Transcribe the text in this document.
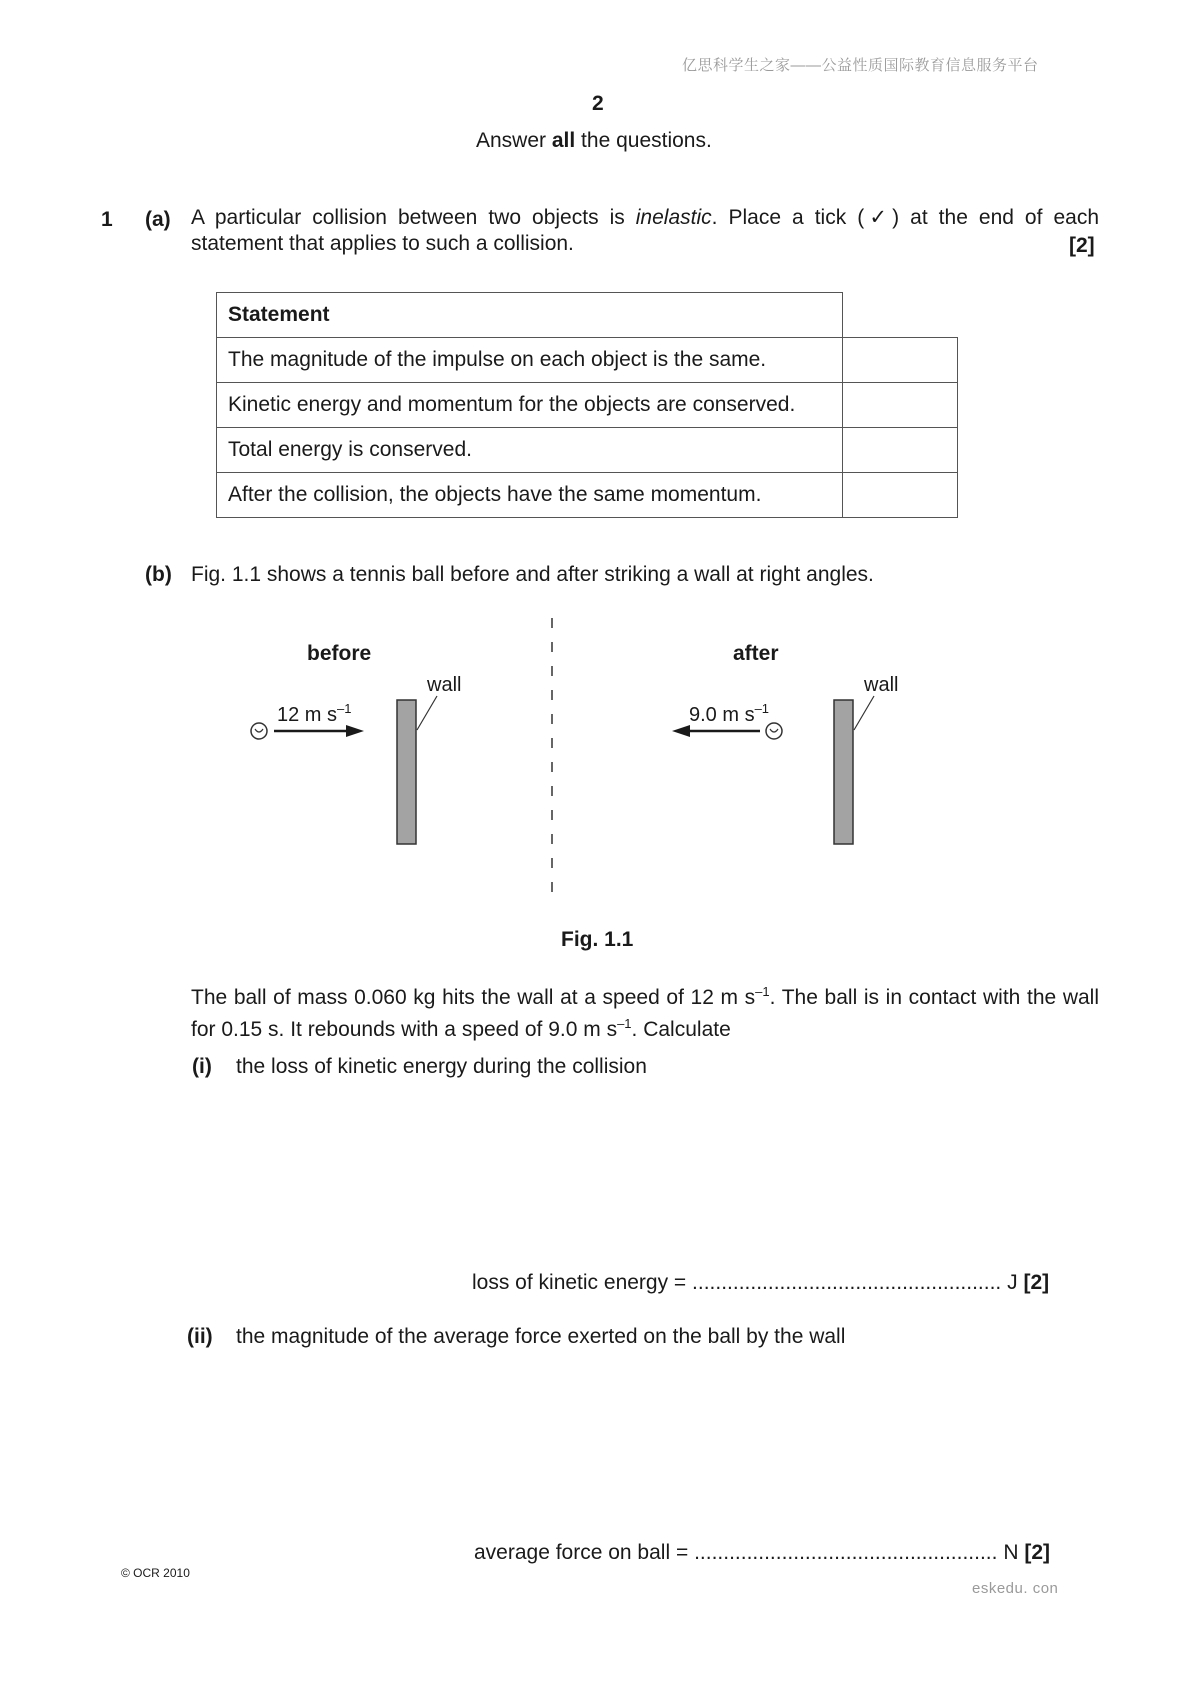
亿思科学生之家——公益性质国际教育信息服务平台
2
Answer all the questions.
1 (a) A particular collision between two objects is inelastic. Place a tick (✓) at the end of each statement that applies to such a collision.	[2]
Statement	
The magnitude of the impulse on each object is the same.	
Kinetic energy and momentum for the objects are conserved.	
Total energy is conserved.	
After the collision, the objects have the same momentum.	
(b) Fig. 1.1 shows a tennis ball before and after striking a wall at right angles.
before	after
12 m $s^{-1}$
wall
9.0 m $s^{-1}$
wall
Fig. 1.1
The ball of mass 0.060 kg hits the wall at a speed of 12 m $s^{-1}$. The ball is in contact with the wall for 0.15 s. It rebounds with a speed of 9.0 m $s^{-1}$. Calculate
(i) the loss of kinetic energy during the collision
loss of kinetic energy = ..................................................... J [2]
(ii) the magnitude of the average force exerted on the ball by the wall
average force on ball = .................................................... N [2]
© OCR 2010
eskedu. con
